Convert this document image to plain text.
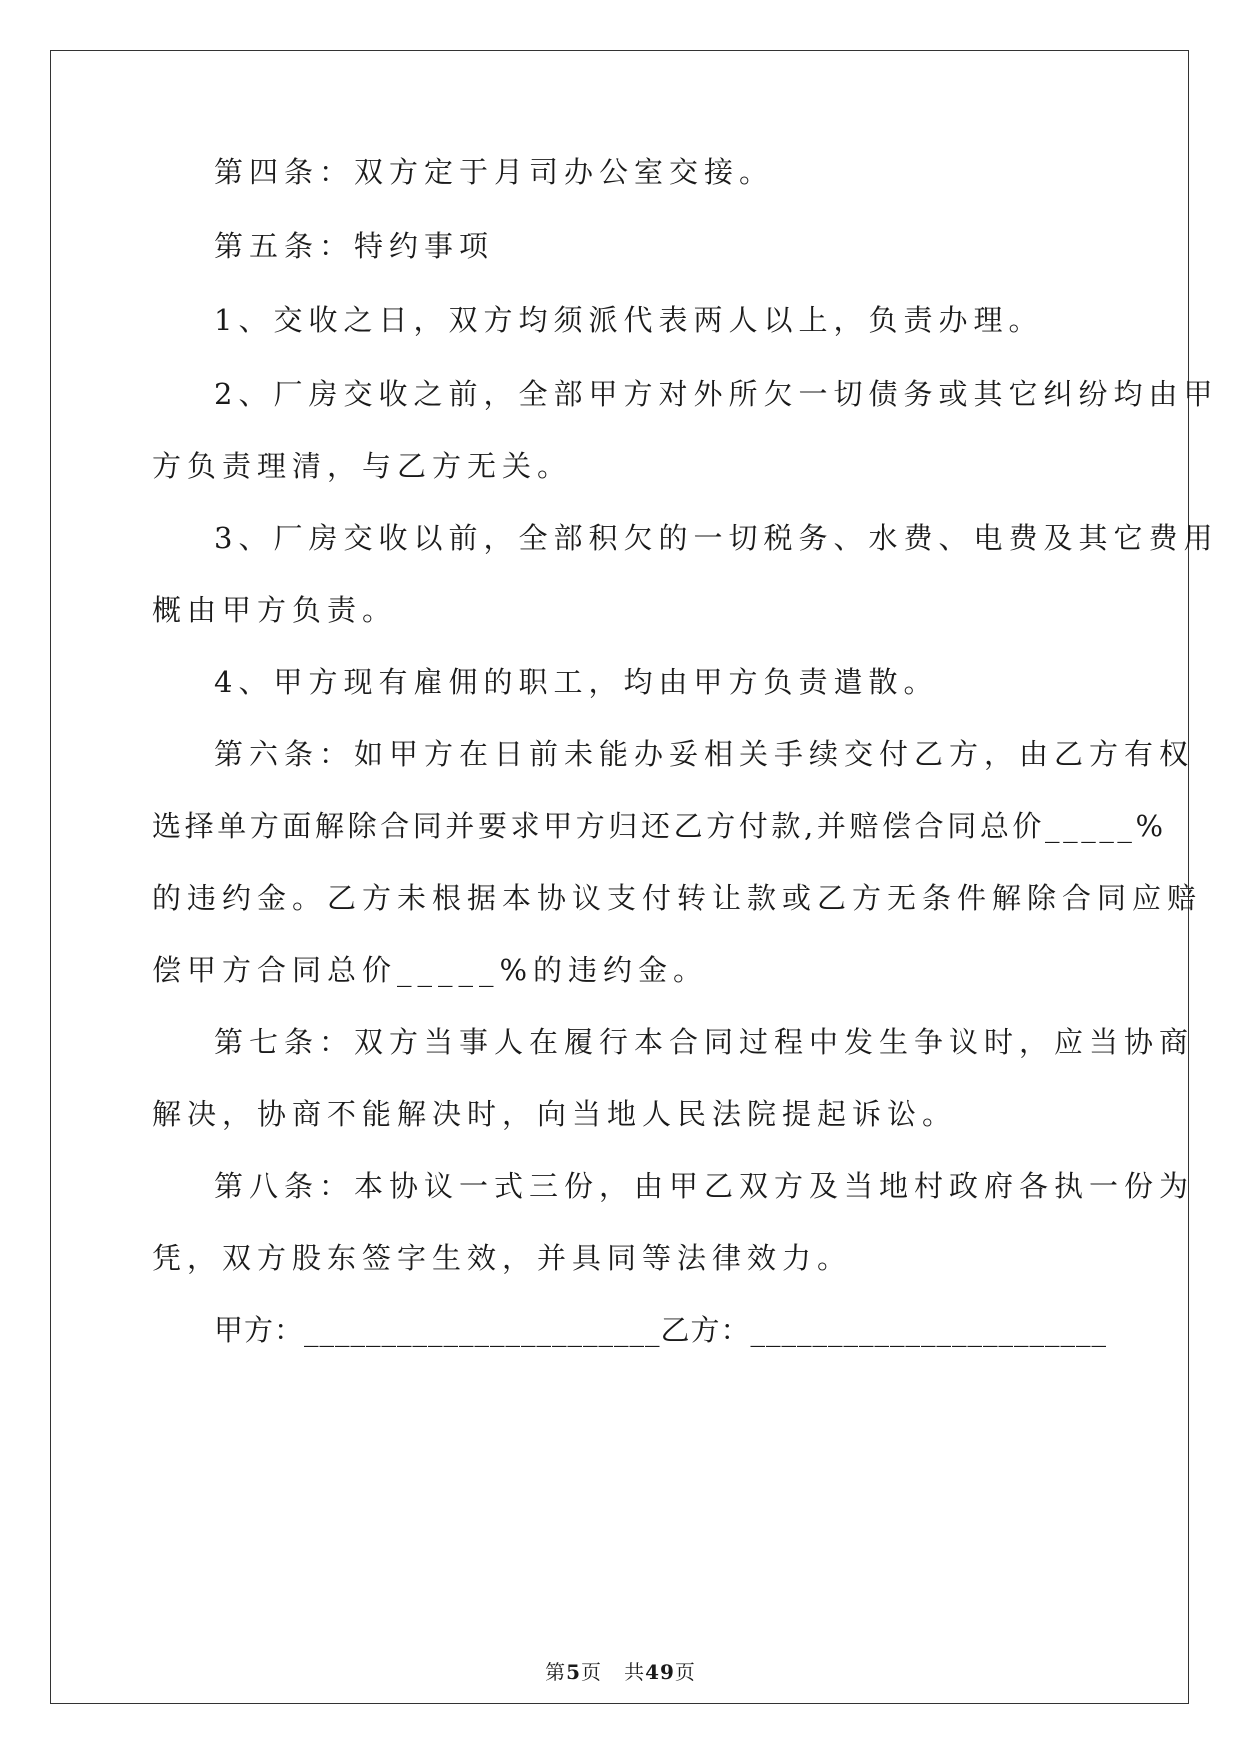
第四条：双方定于月司办公室交接。
第五条：特约事项
1、交收之日，双方均须派代表两人以上，负责办理。
2、厂房交收之前，全部甲方对外所欠一切债务或其它纠纷均由甲
方负责理清，与乙方无关。
3、厂房交收以前，全部积欠的一切税务、水费、电费及其它费用
概由甲方负责。
4、甲方现有雇佣的职工，均由甲方负责遣散。
第六条：如甲方在日前未能办妥相关手续交付乙方，由乙方有权
选择单方面解除合同并要求甲方归还乙方付款,并赔偿合同总价_____%
的违约金。乙方未根据本协议支付转让款或乙方无条件解除合同应赔
偿甲方合同总价_____%的违约金。
第七条：双方当事人在履行本合同过程中发生争议时，应当协商
解决，协商不能解决时，向当地人民法院提起诉讼。
第八条：本协议一式三份，由甲乙双方及当地村政府各执一份为
凭，双方股东签字生效，并具同等法律效力。
甲方：_______________________乙方：_______________________
第5页 共49页
